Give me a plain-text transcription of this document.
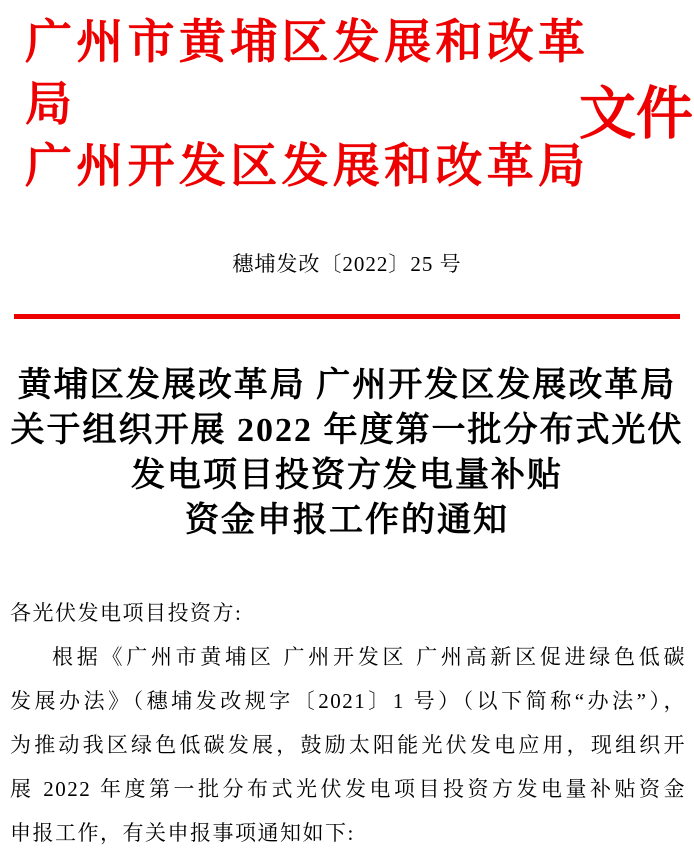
广州市黄埔区发展和改革局
广州开发区发展和改革局
文件
穗埔发改〔2022〕25 号
黄埔区发展改革局 广州开发区发展改革局
关于组织开展 2022 年度第一批分布式光伏
发电项目投资方发电量补贴
资金申报工作的通知
各光伏发电项目投资方:
根据《广州市黄埔区 广州开发区 广州高新区促进绿色低碳
发展办法》（穗埔发改规字〔2021〕1 号）（以下简称“办法”），
为推动我区绿色低碳发展，鼓励太阳能光伏发电应用，现组织开
展 2022 年度第一批分布式光伏发电项目投资方发电量补贴资金
申报工作，有关申报事项通知如下:
